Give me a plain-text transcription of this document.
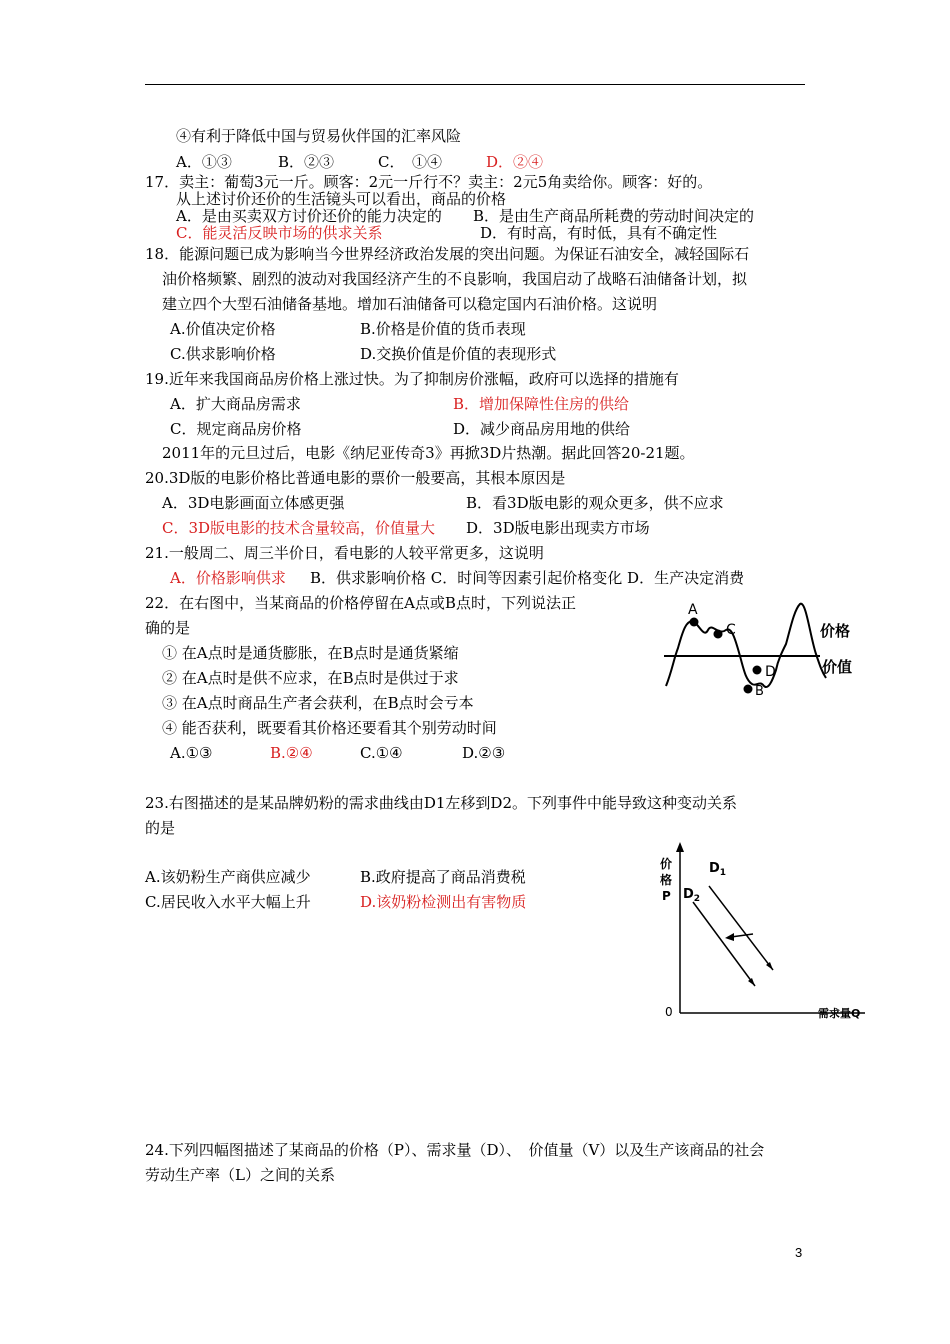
④有利于降低中国与贸易伙伴国的汇率风险
A．①③	B．②③	C．　①④	D．②④
17．卖主：葡萄3元一斤。顾客：2元一斤行不？卖主：2元5角卖给你。顾客：好的。
从上述讨价还价的生活镜头可以看出，商品的价格
A．是由买卖双方讨价还价的能力决定的 B．是由生产商品所耗费的劳动时间决定的
C．能灵活反映市场的供求关系	D．有时高，有时低，具有不确定性
18．能源问题已成为影响当今世界经济政治发展的突出问题。为保证石油安全，减轻国际石
油价格频繁、剧烈的波动对我国经济产生的不良影响，我国启动了战略石油储备计划，拟
建立四个大型石油储备基地。增加石油储备可以稳定国内石油价格。这说明
A.价值决定价格	B.价格是价值的货币表现
C.供求影响价格	D.交换价值是价值的表现形式
19.近年来我国商品房价格上涨过快。为了抑制房价涨幅，政府可以选择的措施有
A．扩大商品房需求	B．增加保障性住房的供给
C．规定商品房价格	D．减少商品房用地的供给
2011年的元旦过后，电影《纳尼亚传奇3》再掀3D片热潮。据此回答20-21题。
20.3D版的电影价格比普通电影的票价一般要高，其根本原因是
A．3D电影画面立体感更强	B．看3D版电影的观众更多，供不应求
C．3D版电影的技术含量较高，价值量大 D．3D版电影出现卖方市场
21.一般周二、周三半价日，看电影的人较平常更多，这说明
A．价格影响供求 B．供求影响价格 C．时间等因素引起价格变化 D．生产决定消费
22．在右图中，当某商品的价格停留在A点或B点时，下列说法正
确的是
① 在A点时是通货膨胀，在B点时是通货紧缩
② 在A点时是供不应求，在B点时是供过于求
③ 在A点时商品生产者会获利，在B点时会亏本
④ 能否获利，既要看其价格还要看其个别劳动时间
A.①③	B.②④	C.①④	D.②③
A
C
D
B
价格
价值
23.右图描述的是某品牌奶粉的需求曲线由D1左移到D2。下列事件中能导致这种变动关系
的是
A.该奶粉生产商供应减少	B.政府提高了商品消费税
C.居民收入水平大幅上升	D.该奶粉检测出有害物质
价
格
P
$D_1$
$D_2$
0	需求量Q
24.下列四幅图描述了某商品的价格（P）、需求量（D）、　价值量（V）以及生产该商品的社会
劳动生产率（L）之间的关系
3
